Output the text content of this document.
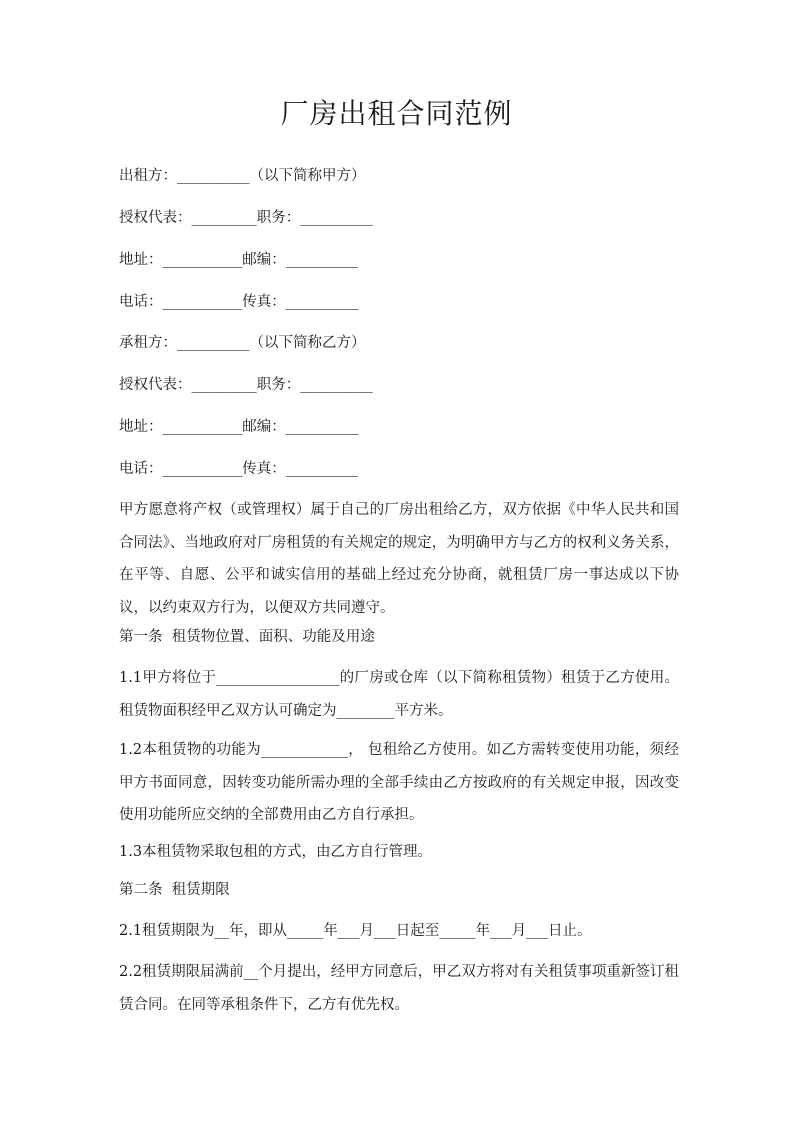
厂房出租合同范例
出租方：__________（以下简称甲方）
授权代表：_________职务：__________
地址：___________邮编：__________
电话：___________传真：__________
承租方：__________（以下简称乙方）
授权代表：_________职务：__________
地址：___________邮编：__________
电话：___________传真：__________
甲方愿意将产权（或管理权）属于自己的厂房出租给乙方，双方依据《中华人民共和国合同法》、当地政府对厂房租赁的有关规定的规定，为明确甲方与乙方的权利义务关系，在平等、自愿、公平和诚实信用的基础上经过充分协商，就租赁厂房一事达成以下协议，以约束双方行为，以便双方共同遵守。
第一条  租赁物位置、面积、功能及用途
1.1甲方将位于_________________的厂房或仓库（以下简称租赁物）租赁于乙方使用。租赁物面积经甲乙双方认可确定为________平方米。
1.2本租赁物的功能为____________， 包租给乙方使用。如乙方需转变使用功能，须经甲方书面同意，因转变功能所需办理的全部手续由乙方按政府的有关规定申报，因改变使用功能所应交纳的全部费用由乙方自行承担。
1.3本租赁物采取包租的方式，由乙方自行管理。
第二条  租赁期限
2.1租赁期限为__年，即从_____年___月___日起至_____年___月___日止。
2.2租赁期限届满前__个月提出，经甲方同意后，甲乙双方将对有关租赁事项重新签订租赁合同。在同等承租条件下，乙方有优先权。
